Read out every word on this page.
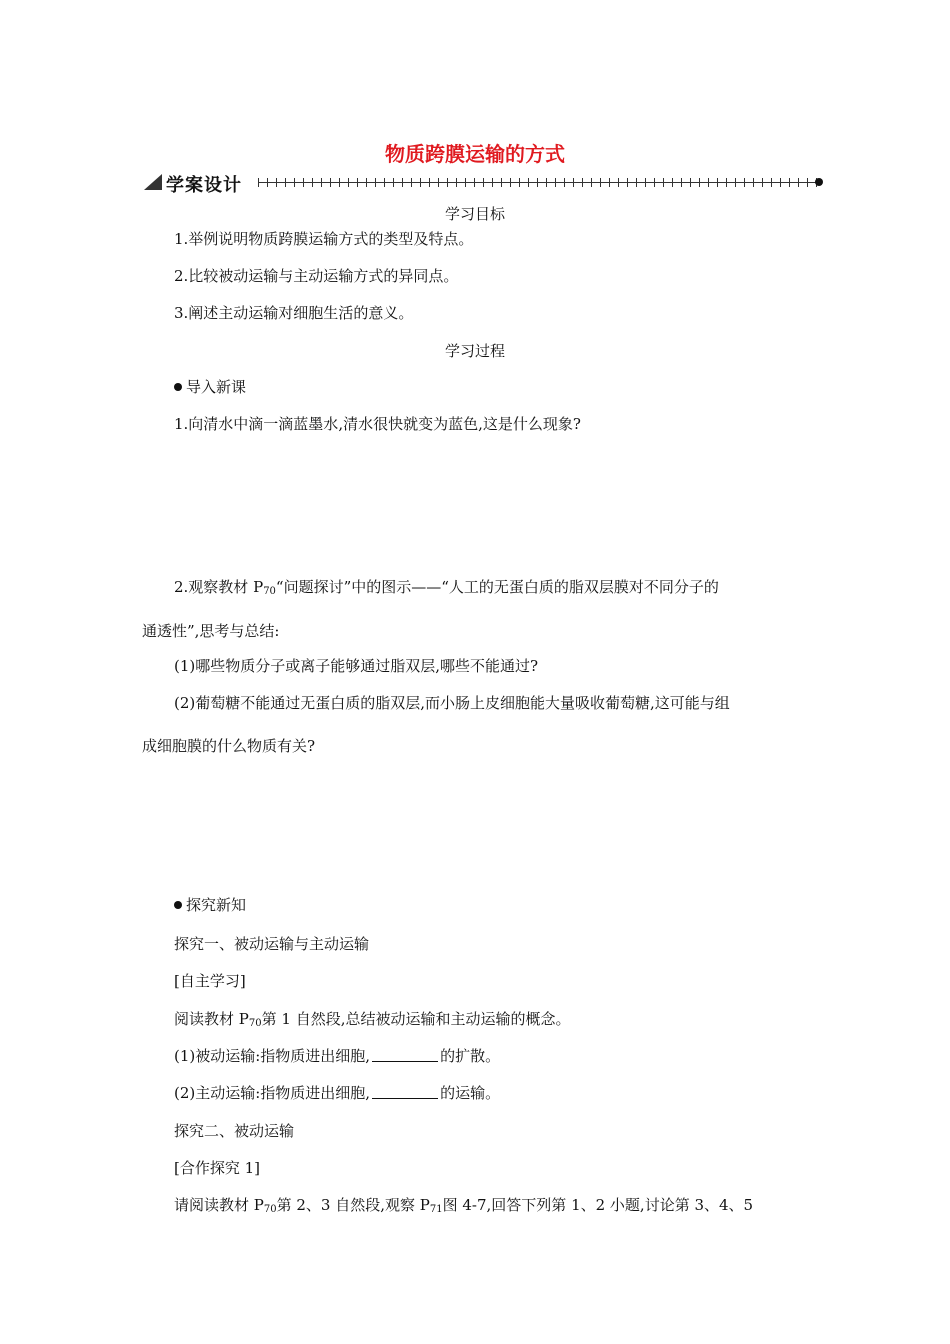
物质跨膜运输的方式
学案设计
学习目标
1.举例说明物质跨膜运输方式的类型及特点。
2.比较被动运输与主动运输方式的异同点。
3.阐述主动运输对细胞生活的意义。
学习过程
导入新课
1.向清水中滴一滴蓝墨水,清水很快就变为蓝色,这是什么现象?
2.观察教材 $P_{70}“$问题探讨”中的图示——“人工的无蛋白质的脂双层膜对不同分子的
通透性”,思考与总结:
(1)哪些物质分子或离子能够通过脂双层,哪些不能通过?
(2)葡萄糖不能通过无蛋白质的脂双层,而小肠上皮细胞能大量吸收葡萄糖,这可能与组
成细胞膜的什么物质有关?
探究新知
探究一、被动运输与主动运输
[自主学习]
阅读教材 $P_{70}$第 1 自然段,总结被动运输和主动运输的概念。
(1)被动运输:指物质进出细胞,	的扩散。
(2)主动运输:指物质进出细胞,	的运输。
探究二、被动运输
[合作探究 1]
请阅读教材 $P_{70}$第 2、3 自然段,观察 $P_{71}$图 4-7,回答下列第 1、2 小题,讨论第 3、4、5
